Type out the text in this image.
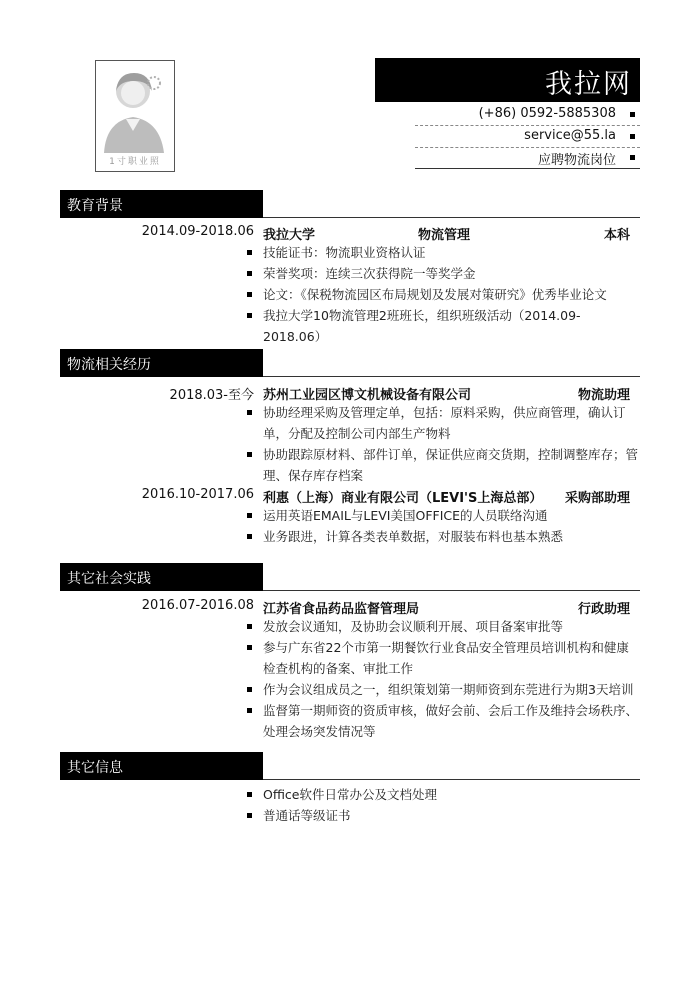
1寸职业照
我拉网
(+86) 0592-5885308
service@55.la
应聘物流岗位
教育背景
2014.09-2018.06 我拉大学	物流管理	本科
技能证书：物流职业资格认证
荣誉奖项：连续三次获得院一等奖学金
论文：《保税物流园区布局规划及发展对策研究》优秀毕业论文
我拉大学10物流管理2班班长，组织班级活动（2014.09-2018.06）
物流相关经历
2018.03-至今 苏州工业园区博文机械设备有限公司	物流助理
协助经理采购及管理定单，包括：原料采购，供应商管理，确认订单，分配及控制公司内部生产物料
协助跟踪原材料、部件订单，保证供应商交货期，控制调整库存；管理、保存库存档案
2016.10-2017.06 利惠（上海）商业有限公司（LEVI'S上海总部） 采购部助理
运用英语EMAIL与LEVI美国OFFICE的人员联络沟通
业务跟进，计算各类表单数据，对服装布料也基本熟悉
其它社会实践
2016.07-2016.08 江苏省食品药品监督管理局	行政助理
发放会议通知，及协助会议顺利开展、项目备案审批等
参与广东省22个市第一期餐饮行业食品安全管理员培训机构和健康检查机构的备案、审批工作
作为会议组成员之一，组织策划第一期师资到东莞进行为期3天培训
监督第一期师资的资质审核，做好会前、会后工作及维持会场秩序、处理会场突发情况等
其它信息
Office软件日常办公及文档处理
普通话等级证书
